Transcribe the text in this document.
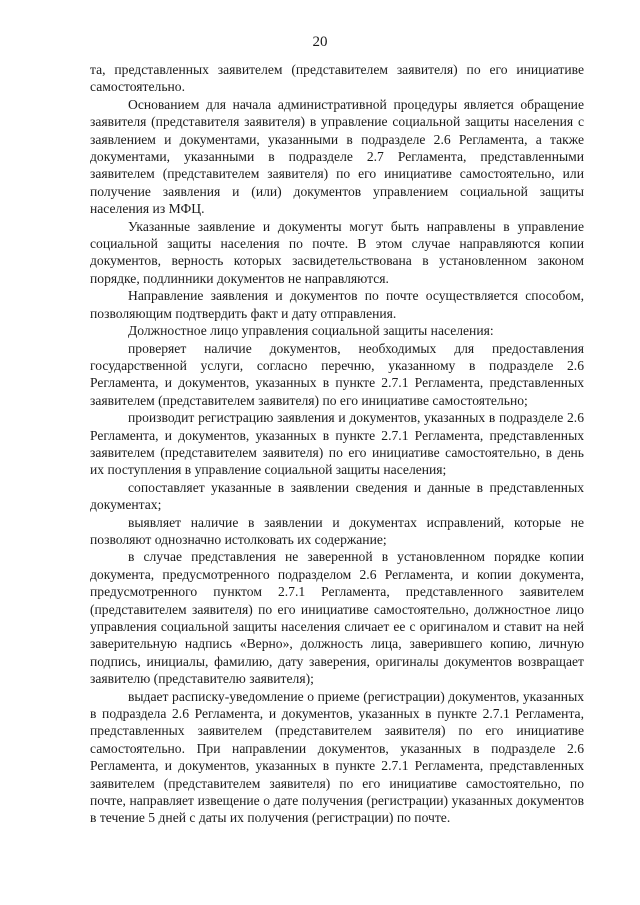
20

та, представленных заявителем (представителем заявителя) по его инициативе самостоятельно.

Основанием для начала административной процедуры является обращение заявителя (представителя заявителя) в управление социальной защиты населения с заявлением и документами, указанными в подразделе 2.6 Регламента, а также документами, указанными в подразделе 2.7 Регламента, представленными заявителем (представителем заявителя) по его инициативе самостоятельно, или получение заявления и (или) документов управлением социальной защиты населения из МФЦ.

Указанные заявление и документы могут быть направлены в управление социальной защиты населения по почте. В этом случае направляются копии документов, верность которых засвидетельствована в установленном законом порядке, подлинники документов не направляются.

Направление заявления и документов по почте осуществляется способом, позволяющим подтвердить факт и дату отправления.

Должностное лицо управления социальной защиты населения:

проверяет наличие документов, необходимых для предоставления государственной услуги, согласно перечню, указанному в подразделе 2.6 Регламента, и документов, указанных в пункте 2.7.1 Регламента, представленных заявителем (представителем заявителя) по его инициативе самостоятельно;

производит регистрацию заявления и документов, указанных в подразделе 2.6 Регламента, и документов, указанных в пункте 2.7.1 Регламента, представленных заявителем (представителем заявителя) по его инициативе самостоятельно, в день их поступления в управление социальной защиты населения;

сопоставляет указанные в заявлении сведения и данные в представленных документах;

выявляет наличие в заявлении и документах исправлений, которые не позволяют однозначно истолковать их содержание;

в случае представления не заверенной в установленном порядке копии документа, предусмотренного подразделом 2.6 Регламента, и копии документа, предусмотренного пунктом 2.7.1 Регламента, представленного заявителем (представителем заявителя) по его инициативе самостоятельно, должностное лицо управления социальной защиты населения сличает ее с оригиналом и ставит на ней заверительную надпись «Верно», должность лица, заверившего копию, личную подпись, инициалы, фамилию, дату заверения, оригиналы документов возвращает заявителю (представителю заявителя);

выдает расписку-уведомление о приеме (регистрации) документов, указанных в подраздела 2.6 Регламента, и документов, указанных в пункте 2.7.1 Регламента, представленных заявителем (представителем заявителя) по его инициативе самостоятельно. При направлении документов, указанных в подразделе 2.6 Регламента, и документов, указанных в пункте 2.7.1 Регламента, представленных заявителем (представителем заявителя) по его инициативе самостоятельно, по почте, направляет извещение о дате получения (регистрации) указанных документов в течение 5 дней с даты их получения (регистрации) по почте.
